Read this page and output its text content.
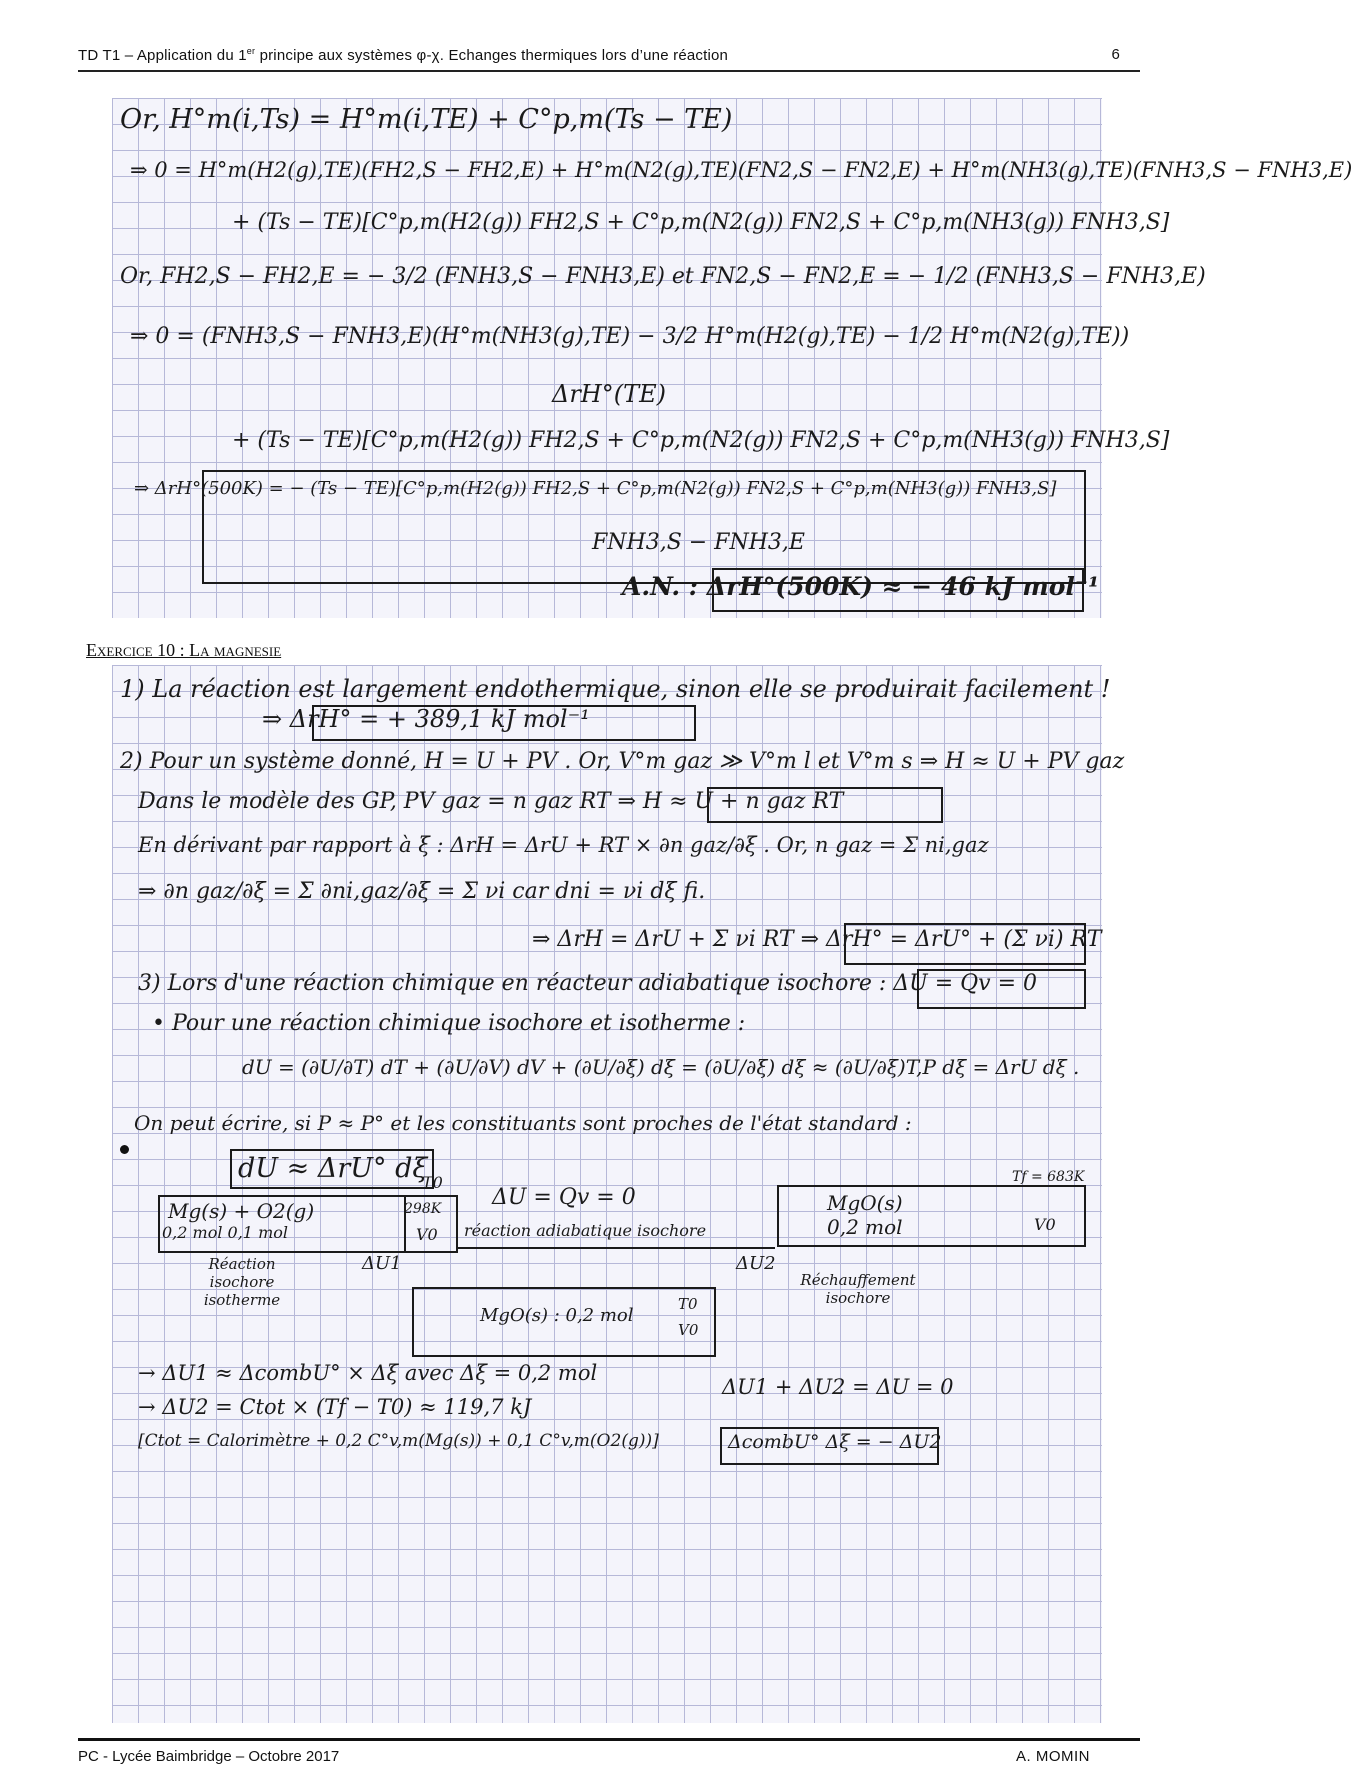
TD T1 – Application du 1er principe aux systèmes φ-χ. Echanges thermiques lors d’une réaction	6
Or, H°m(i,Ts) = H°m(i,TE) + C°p,m(Ts − TE)
⇒ 0 = H°m(H2(g),TE)(FH2,S − FH2,E) + H°m(N2(g),TE)(FN2,S − FN2,E) + H°m(NH3(g),TE)(FNH3,S − FNH3,E)
+ (Ts − TE)[C°p,m(H2(g)) FH2,S + C°p,m(N2(g)) FN2,S + C°p,m(NH3(g)) FNH3,S]
Or, FH2,S − FH2,E = − 3/2 (FNH3,S − FNH3,E) et FN2,S − FN2,E = − 1/2 (FNH3,S − FNH3,E)
⇒ 0 = (FNH3,S − FNH3,E)(H°m(NH3(g),TE) − 3/2 H°m(H2(g),TE) − 1/2 H°m(N2(g),TE))
ΔrH°(TE)
+ (Ts − TE)[C°p,m(H2(g)) FH2,S + C°p,m(N2(g)) FN2,S + C°p,m(NH3(g)) FNH3,S]
⇒ ΔrH°(500K) = − (Ts − TE)[C°p,m(H2(g)) FH2,S + C°p,m(N2(g)) FN2,S + C°p,m(NH3(g)) FNH3,S]
FNH3,S − FNH3,E
A.N. : ΔrH°(500K) ≈ − 46 kJ mol⁻¹
Exercice 10 : La magnesie
1) La réaction est largement endothermique, sinon elle se produirait facilement !
⇒ ΔrH° = + 389,1 kJ mol⁻¹
2) Pour un système donné, H = U + PV . Or, V°m gaz ≫ V°m l et V°m s ⇒ H ≈ U + PV gaz
Dans le modèle des GP, PV gaz = n gaz RT ⇒ H ≈ U + n gaz RT
En dérivant par rapport à ξ : ΔrH = ΔrU + RT × ∂n gaz/∂ξ . Or, n gaz = Σ ni,gaz
⇒ ∂n gaz/∂ξ = Σ ∂ni,gaz/∂ξ = Σ νi car dni = νi dξ fi.
⇒ ΔrH = ΔrU + Σ νi RT ⇒ ΔrH° = ΔrU° + (Σ νi) RT
3) Lors d'une réaction chimique en réacteur adiabatique isochore : ΔU = Qv = 0
• Pour une réaction chimique isochore et isotherme :
dU = (∂U/∂T) dT + (∂U/∂V) dV + (∂U/∂ξ) dξ = (∂U/∂ξ) dξ ≈ (∂U/∂ξ)T,P dξ = ΔrU dξ .
On peut écrire, si P ≈ P° et les constituants sont proches de l'état standard :
dU ≈ ΔrU° dξ
Mg(s) + O2(g)
0,2 mol 0,1 mol
T0
298K
V0
ΔU = Qv = 0
réaction adiabatique isochore
MgO(s)
0,2 mol
Tf = 683K
V0
Réaction isochore isotherme
ΔU1	ΔU2
Réchauffement isochore
MgO(s) : 0,2 mol
T0
V0
→ ΔU1 ≈ ΔcombU° × Δξ avec Δξ = 0,2 mol
→ ΔU2 = Ctot × (Tf − T0) ≈ 119,7 kJ
[Ctot = Calorimètre + 0,2 C°v,m(Mg(s)) + 0,1 C°v,m(O2(g))]
ΔU1 + ΔU2 = ΔU = 0
ΔcombU° Δξ = − ΔU2
PC - Lycée Baimbridge – Octobre 2017	A. MOMIN
